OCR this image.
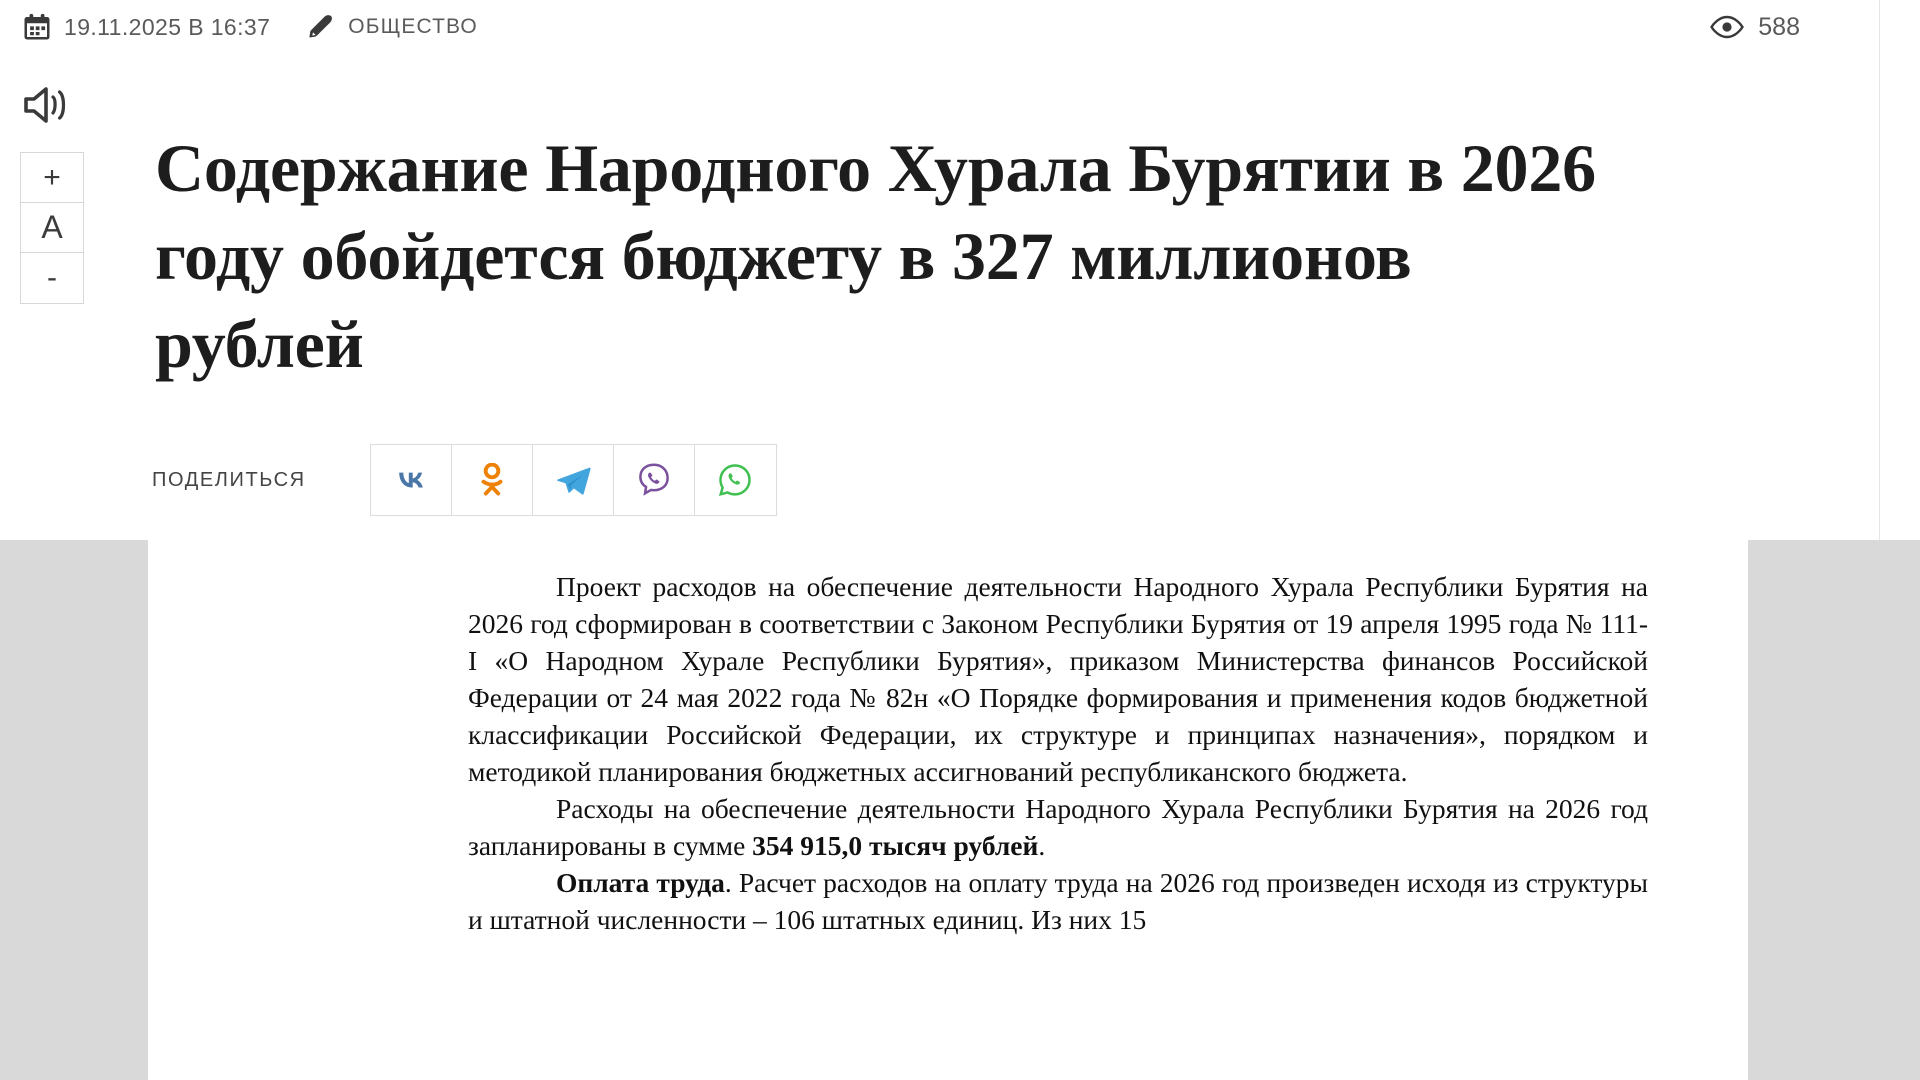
19.11.2025 В 16:37	ОБЩЕСТВО	588
+
A
-
Содержание Народного Хурала Бурятии в 2026 году обойдется бюджету в 327 миллионов рублей
ПОДЕЛИТЬСЯ

Проект расходов на обеспечение деятельности Народного Хурала Республики Бурятия на 2026 год сформирован в соответствии с Законом Республики Бурятия от 19 апреля 1995 года № 111-I «О Народном Хурале Республики Бурятия», приказом Министерства финансов Российской Федерации от 24 мая 2022 года № 82н «О Порядке формирования и применения кодов бюджетной классификации Российской Федерации, их структуре и принципах назначения», порядком и методикой планирования бюджетных ассигнований республиканского бюджета.

Расходы на обеспечение деятельности Народного Хурала Республики Бурятия на 2026 год запланированы в сумме 354 915,0 тысяч рублей.

Оплата труда. Расчет расходов на оплату труда на 2026 год произведен исходя из структуры и штатной численности – 106 штатных единиц. Из них 15
